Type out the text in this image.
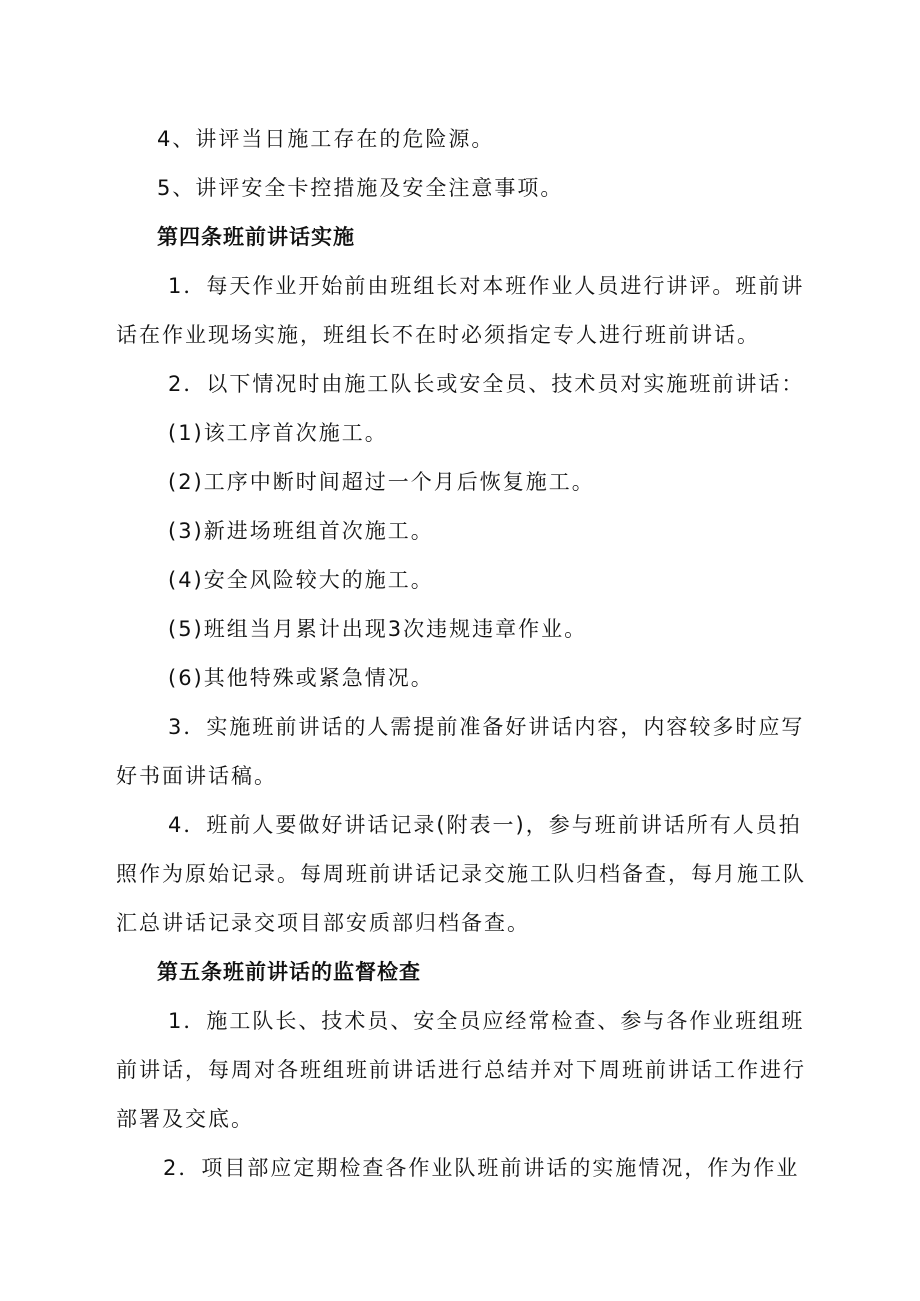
4、讲评当日施工存在的危险源。
5、讲评安全卡控措施及安全注意事项。
第四条班前讲话实施
1．每天作业开始前由班组长对本班作业人员进行讲评。班前讲
话在作业现场实施，班组长不在时必须指定专人进行班前讲话。
2．以下情况时由施工队长或安全员、技术员对实施班前讲话：
(1)该工序首次施工。
(2)工序中断时间超过一个月后恢复施工。
(3)新进场班组首次施工。
(4)安全风险较大的施工。
(5)班组当月累计出现3次违规违章作业。
(6)其他特殊或紧急情况。
3．实施班前讲话的人需提前准备好讲话内容，内容较多时应写
好书面讲话稿。
4．班前人要做好讲话记录(附表一)，参与班前讲话所有人员拍
照作为原始记录。每周班前讲话记录交施工队归档备查，每月施工队
汇总讲话记录交项目部安质部归档备查。
第五条班前讲话的监督检查
1．施工队长、技术员、安全员应经常检查、参与各作业班组班
前讲话，每周对各班组班前讲话进行总结并对下周班前讲话工作进行
部署及交底。
2．项目部应定期检查各作业队班前讲话的实施情况，作为作业
